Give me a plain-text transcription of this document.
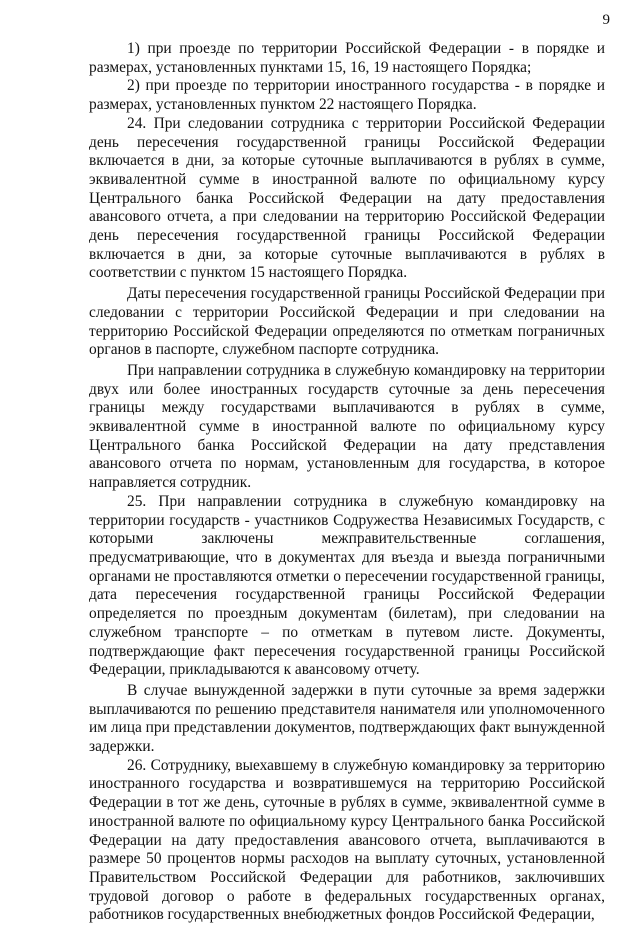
9

1) при проезде по территории Российской Федерации - в порядке и размерах, установленных пунктами 15, 16, 19 настоящего Порядка;

2) при проезде по территории иностранного государства - в порядке и размерах, установленных пунктом 22 настоящего Порядка.

24. При следовании сотрудника с территории Российской Федерации день пересечения государственной границы Российской Федерации включается в дни, за которые суточные выплачиваются в рублях в сумме, эквивалентной сумме в иностранной валюте по официальному курсу Центрального банка Российской Федерации на дату предоставления авансового отчета, а при следовании на территорию Российской Федерации день пересечения государственной границы Российской Федерации включается в дни, за которые суточные выплачиваются в рублях в соответствии с пунктом 15 настоящего Порядка.

Даты пересечения государственной границы Российской Федерации при следовании с территории Российской Федерации и при следовании на территорию Российской Федерации определяются по отметкам пограничных органов в паспорте, служебном паспорте сотрудника.

При направлении сотрудника в служебную командировку на территории двух или более иностранных государств суточные за день пересечения границы между государствами выплачиваются в рублях в сумме, эквивалентной сумме в иностранной валюте по официальному курсу Центрального банка Российской Федерации на дату представления авансового отчета по нормам, установленным для государства, в которое направляется сотрудник.

25. При направлении сотрудника в служебную командировку на территории государств - участников Содружества Независимых Государств, с которыми заключены межправительственные соглашения, предусматривающие, что в документах для въезда и выезда пограничными органами не проставляются отметки о пересечении государственной границы, дата пересечения государственной границы Российской Федерации определяется по проездным документам (билетам), при следовании на служебном транспорте – по отметкам в путевом листе. Документы, подтверждающие факт пересечения государственной границы Российской Федерации, прикладываются к авансовому отчету.

В случае вынужденной задержки в пути суточные за время задержки выплачиваются по решению представителя нанимателя или уполномоченного им лица при представлении документов, подтверждающих факт вынужденной задержки.

26. Сотруднику, выехавшему в служебную командировку за территорию иностранного государства и возвратившемуся на территорию Российской Федерации в тот же день, суточные в рублях в сумме, эквивалентной сумме в иностранной валюте по официальному курсу Центрального банка Российской Федерации на дату предоставления авансового отчета, выплачиваются в размере 50 процентов нормы расходов на выплату суточных, установленной Правительством Российской Федерации для работников, заключивших трудовой договор о работе в федеральных государственных органах, работников государственных внебюджетных фондов Российской Федерации,
